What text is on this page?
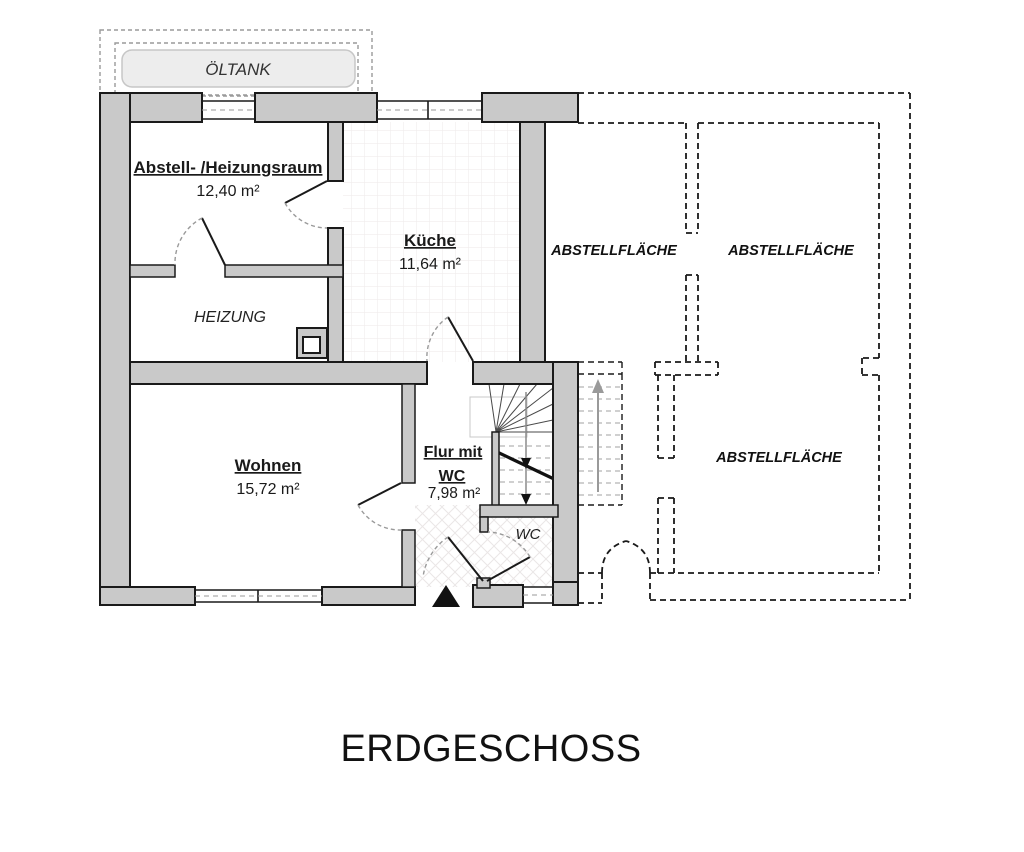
ÖLTANK
Abstell- /Heizungsraum
12,40 m²
HEIZUNG
Küche
11,64 m²
Wohnen
15,72 m²
Flur mit
WC
7,98 m²
WC
ABSTELLFLÄCHE	ABSTELLFLÄCHE
ABSTELLFLÄCHE
ERDGESCHOSS
